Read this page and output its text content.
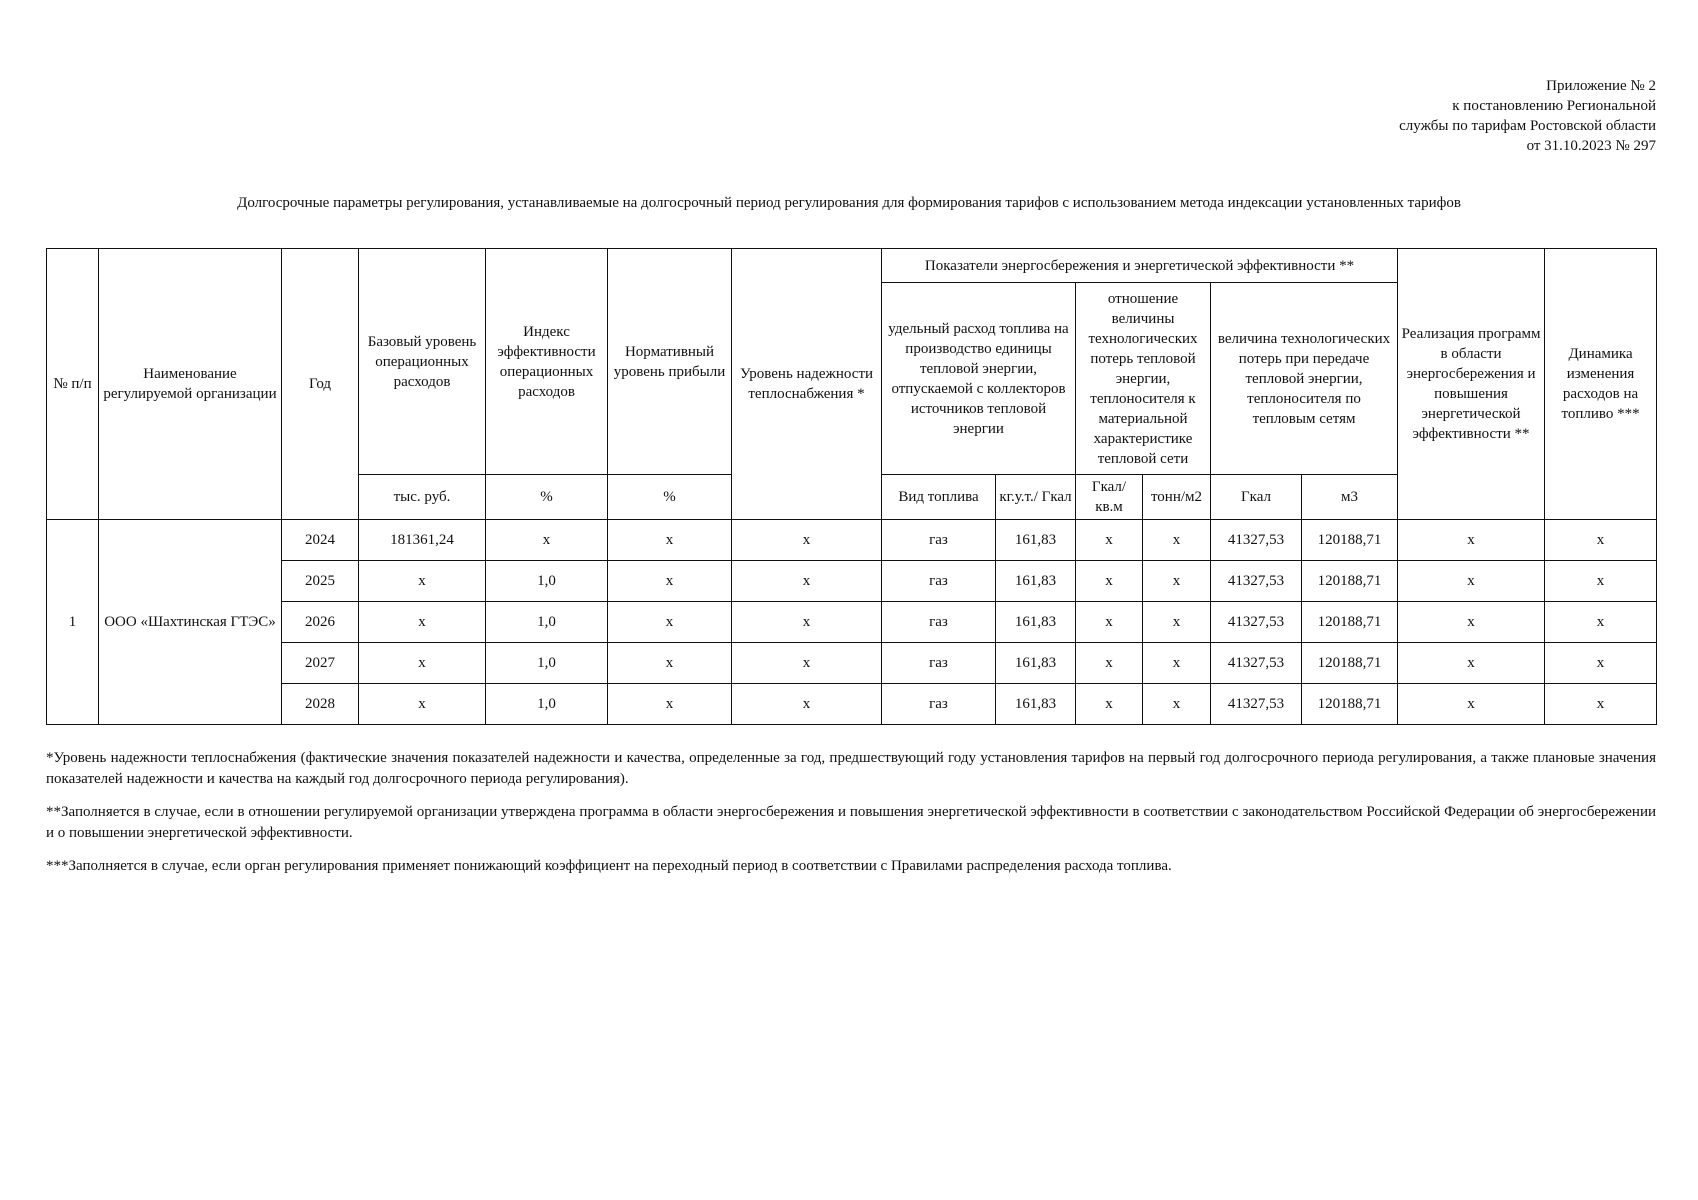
Приложение № 2
к постановлению Региональной
службы по тарифам Ростовской области
от 31.10.2023 № 297
Долгосрочные параметры регулирования, устанавливаемые на долгосрочный период регулирования для формирования тарифов с использованием метода индексации установленных тарифов
№ п/п	Наименование регулируемой организации	Год	Базовый уровень операционных расходов	Индекс эффективности операционных расходов	Нормативный уровень прибыли	Уровень надежности теплоснабжения *	Показатели энергосбережения и энергетической эффективности **						Реализация программ в области энергосбережения и повышения энергетической эффективности **	Динамика изменения расходов на топливо ***
							удельный расход топлива на производство единицы тепловой энергии, отпускаемой с коллекторов источников тепловой энергии		отношение величины технологических потерь тепловой энергии, теплоносителя к материальной характеристике тепловой сети		величина технологических потерь при передаче тепловой энергии, теплоносителя по тепловым сетям			
			тыс. руб.	%	%		Вид топлива	кг.у.т./ Гкал	Гкал/ кв.м	тонн/м2	Гкал	м3		
1	ООО «Шахтинская ГТЭС»	2024	181361,24	х	х	х	газ	161,83	х	х	41327,53	120188,71	х	х
		2025	х	1,0	х	х	газ	161,83	х	х	41327,53	120188,71	х	х
		2026	х	1,0	х	х	газ	161,83	х	х	41327,53	120188,71	х	х
		2027	х	1,0	х	х	газ	161,83	х	х	41327,53	120188,71	х	х
		2028	х	1,0	х	х	газ	161,83	х	х	41327,53	120188,71	х	х

*Уровень надежности теплоснабжения (фактические значения показателей надежности и качества, определенные за год, предшествующий году установления тарифов на первый год долгосрочного периода регулирования, а также плановые значения показателей надежности и качества на каждый год долгосрочного периода регулирования).

**Заполняется в случае, если в отношении регулируемой организации утверждена программа в области энергосбережения и повышения энергетической эффективности в соответствии с законодательством Российской Федерации об энергосбережении и о повышении энергетической эффективности.

***Заполняется в случае, если орган регулирования применяет понижающий коэффициент на переходный период в соответствии с Правилами распределения расхода топлива.
